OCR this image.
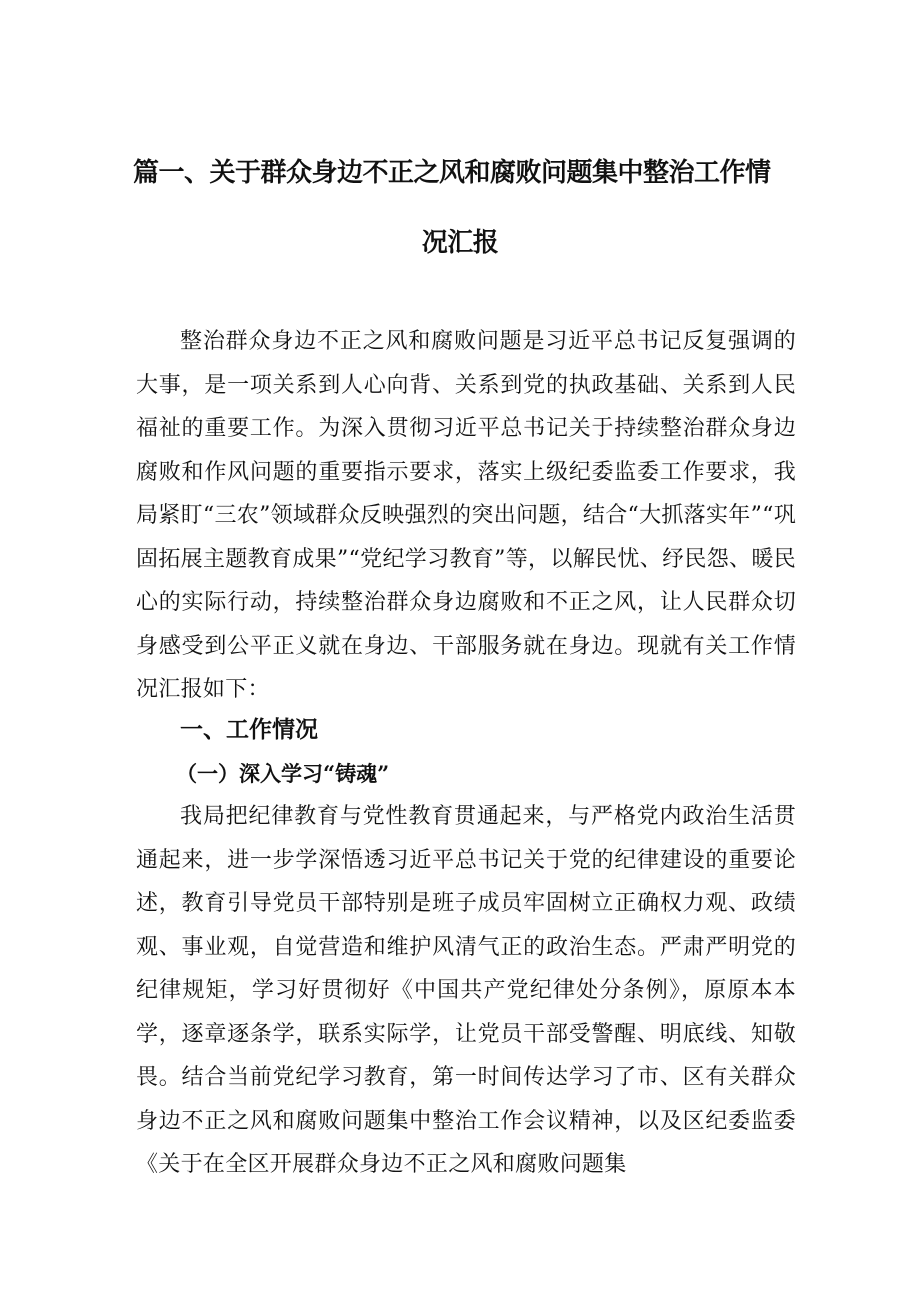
篇一、关于群众身边不正之风和腐败问题集中整治工作情
况汇报

整治群众身边不正之风和腐败问题是习近平总书记反复强调的大事，是一项关系到人心向背、关系到党的执政基础、关系到人民福祉的重要工作。为深入贯彻习近平总书记关于持续整治群众身边腐败和作风问题的重要指示要求，落实上级纪委监委工作要求，我局紧盯“三农”领域群众反映强烈的突出问题，结合“大抓落实年”“巩固拓展主题教育成果”“党纪学习教育”等，以解民忧、纾民怨、暖民心的实际行动，持续整治群众身边腐败和不正之风，让人民群众切身感受到公平正义就在身边、干部服务就在身边。现就有关工作情况汇报如下：

一、工作情况
（一）深入学习“铸魂”

我局把纪律教育与党性教育贯通起来，与严格党内政治生活贯通起来，进一步学深悟透习近平总书记关于党的纪律建设的重要论述，教育引导党员干部特别是班子成员牢固树立正确权力观、政绩观、事业观，自觉营造和维护风清气正的政治生态。严肃严明党的纪律规矩，学习好贯彻好《中国共产党纪律处分条例》，原原本本学，逐章逐条学，联系实际学，让党员干部受警醒、明底线、知敬畏。结合当前党纪学习教育，第一时间传达学习了市、区有关群众身边不正之风和腐败问题集中整治工作会议精神，以及区纪委监委《关于在全区开展群众身边不正之风和腐败问题集
